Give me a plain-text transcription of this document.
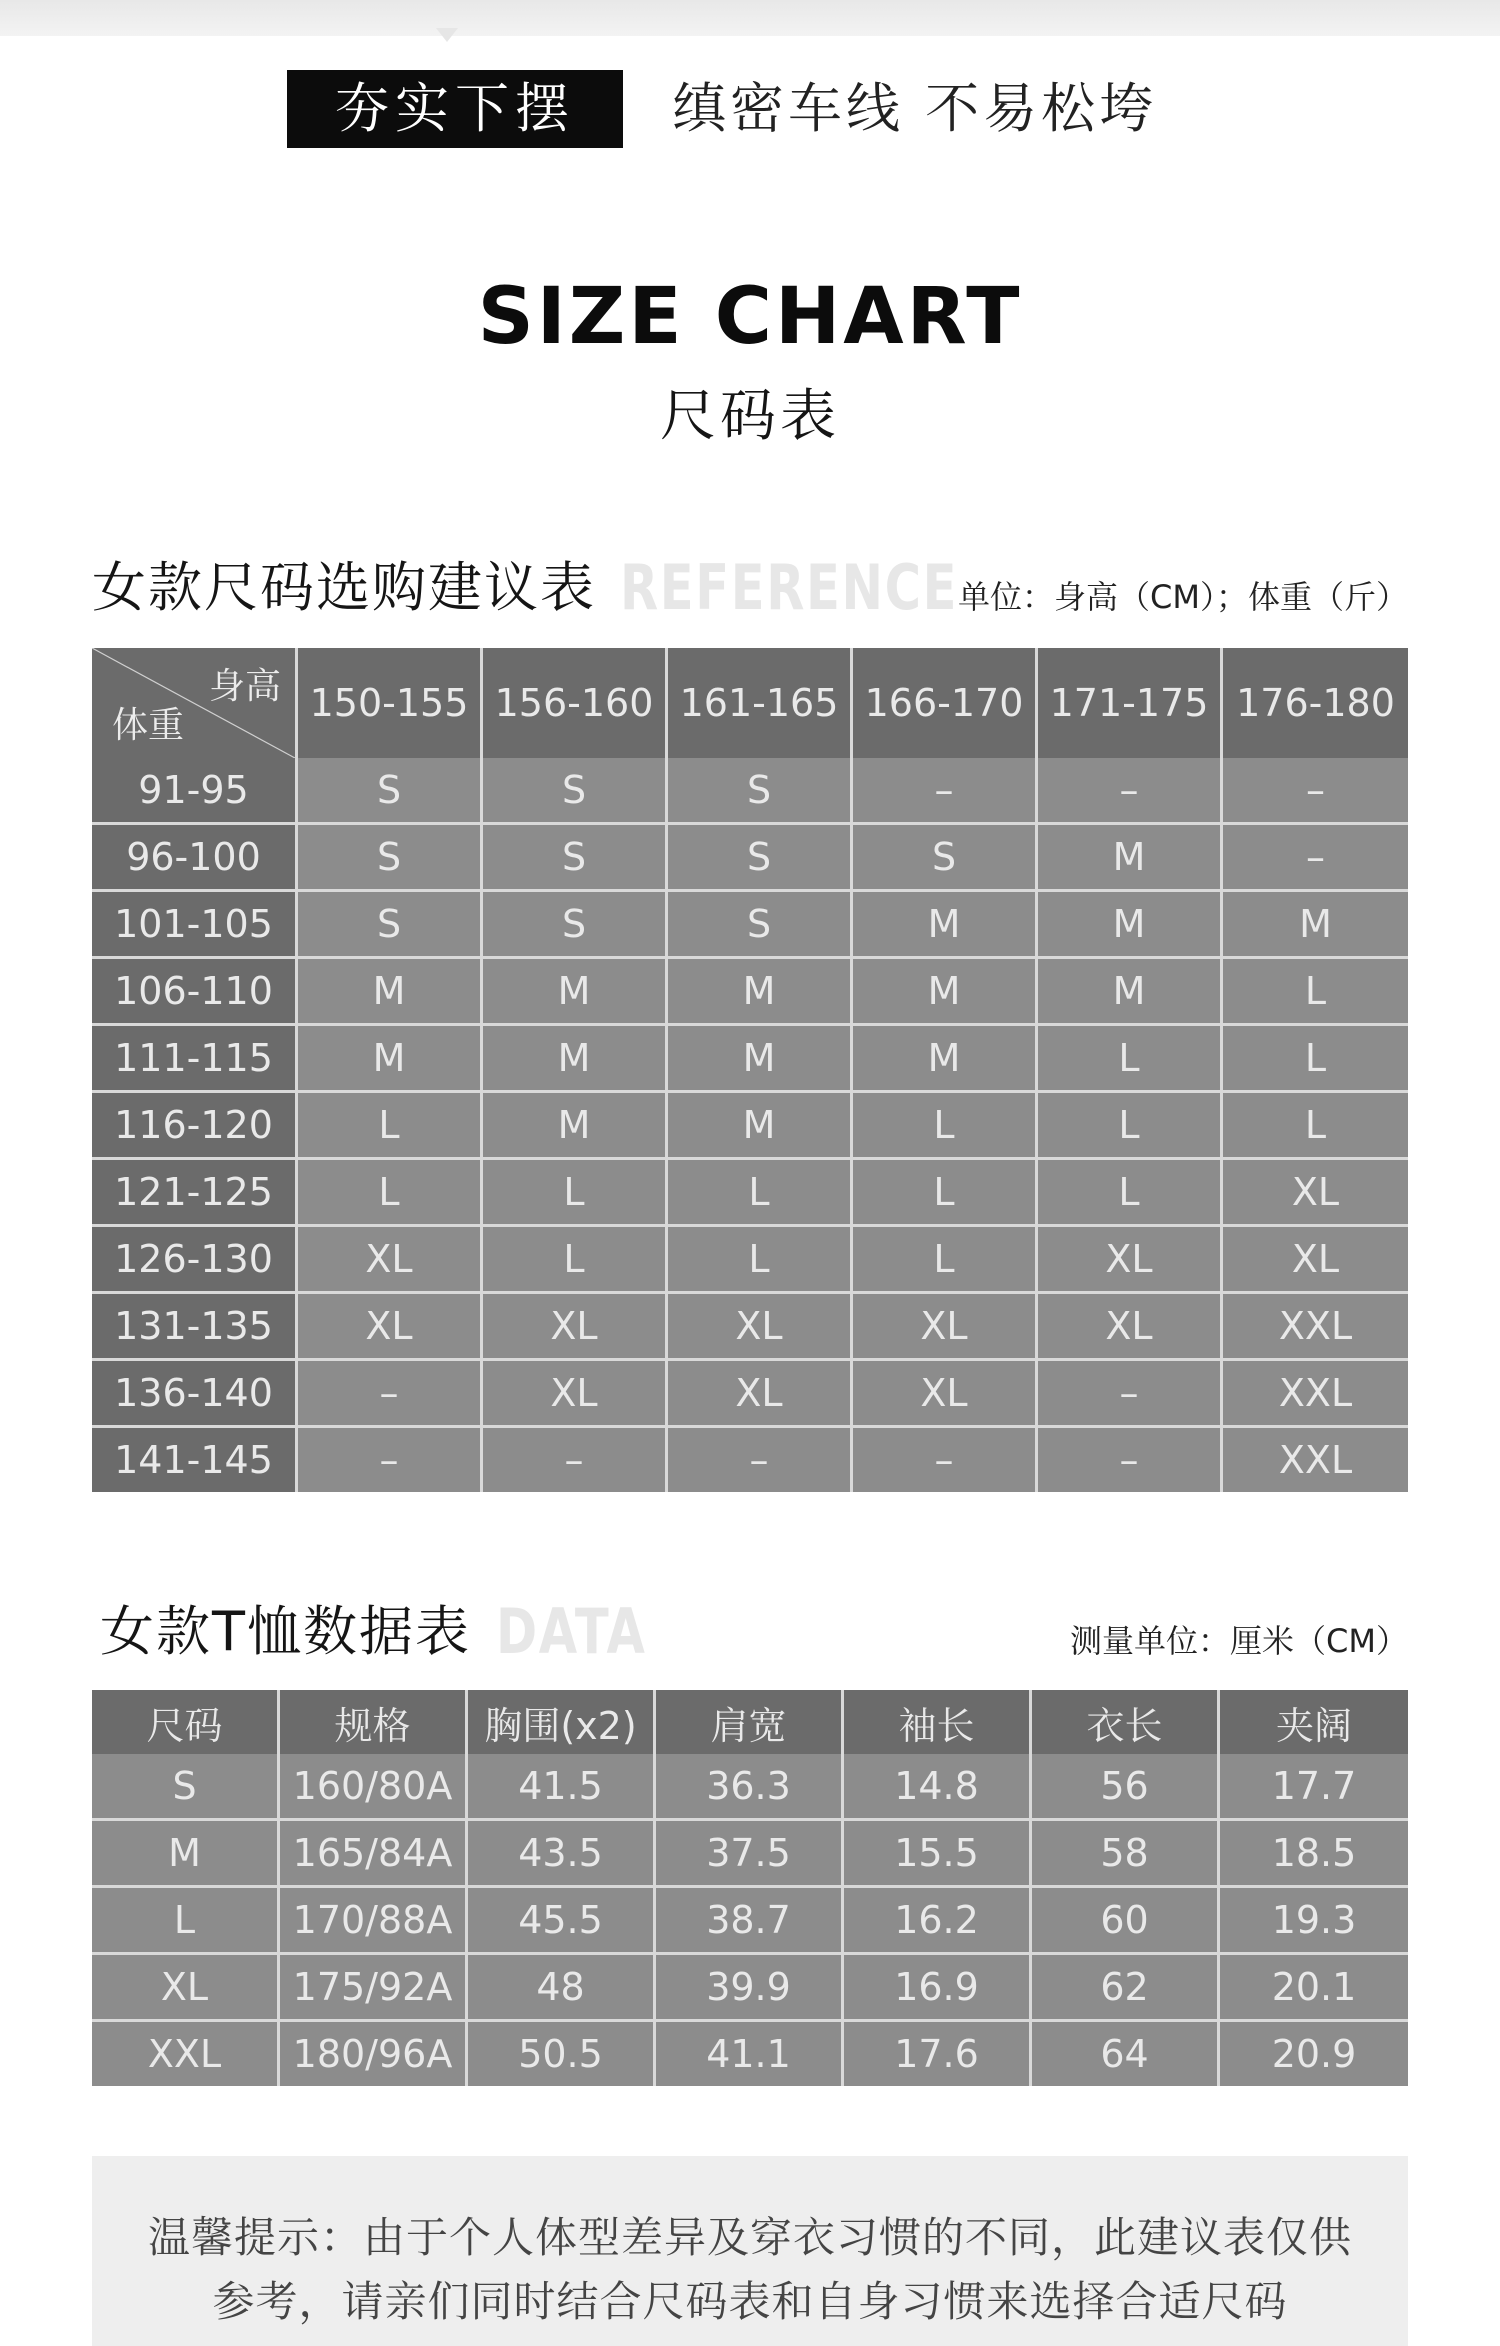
夯实下摆	缜密车线 不易松垮
SIZE CHART
尺码表
女款尺码选购建议表 REFERENCE 单位：身高（CM）；体重（斤）
身高
体重	150-155	156-160	161-165	166-170	171-175	176-180
91-95	S	S	S	–	–	–
96-100	S	S	S	S	M	–
101-105	S	S	S	M	M	M
106-110	M	M	M	M	M	L
111-115	M	M	M	M	L	L
116-120	L	M	M	L	L	L
121-125	L	L	L	L	L	XL
126-130	XL	L	L	L	XL	XL
131-135	XL	XL	XL	XL	XL	XXL
136-140	–	XL	XL	XL	–	XXL
141-145	–	–	–	–	–	XXL
女款T恤数据表 DATA	测量单位：厘米（CM）
尺码	规格	胸围(x2)	肩宽	袖长	衣长	夹阔
S	160/80A	41.5	36.3	14.8	56	17.7
M	165/84A	43.5	37.5	15.5	58	18.5
L	170/88A	45.5	38.7	16.2	60	19.3
XL	175/92A	48	39.9	16.9	62	20.1
XXL	180/96A	50.5	41.1	17.6	64	20.9

温馨提示：由于个人体型差异及穿衣习惯的不同，此建议表仅供
参考，请亲们同时结合尺码表和自身习惯来选择合适尺码
